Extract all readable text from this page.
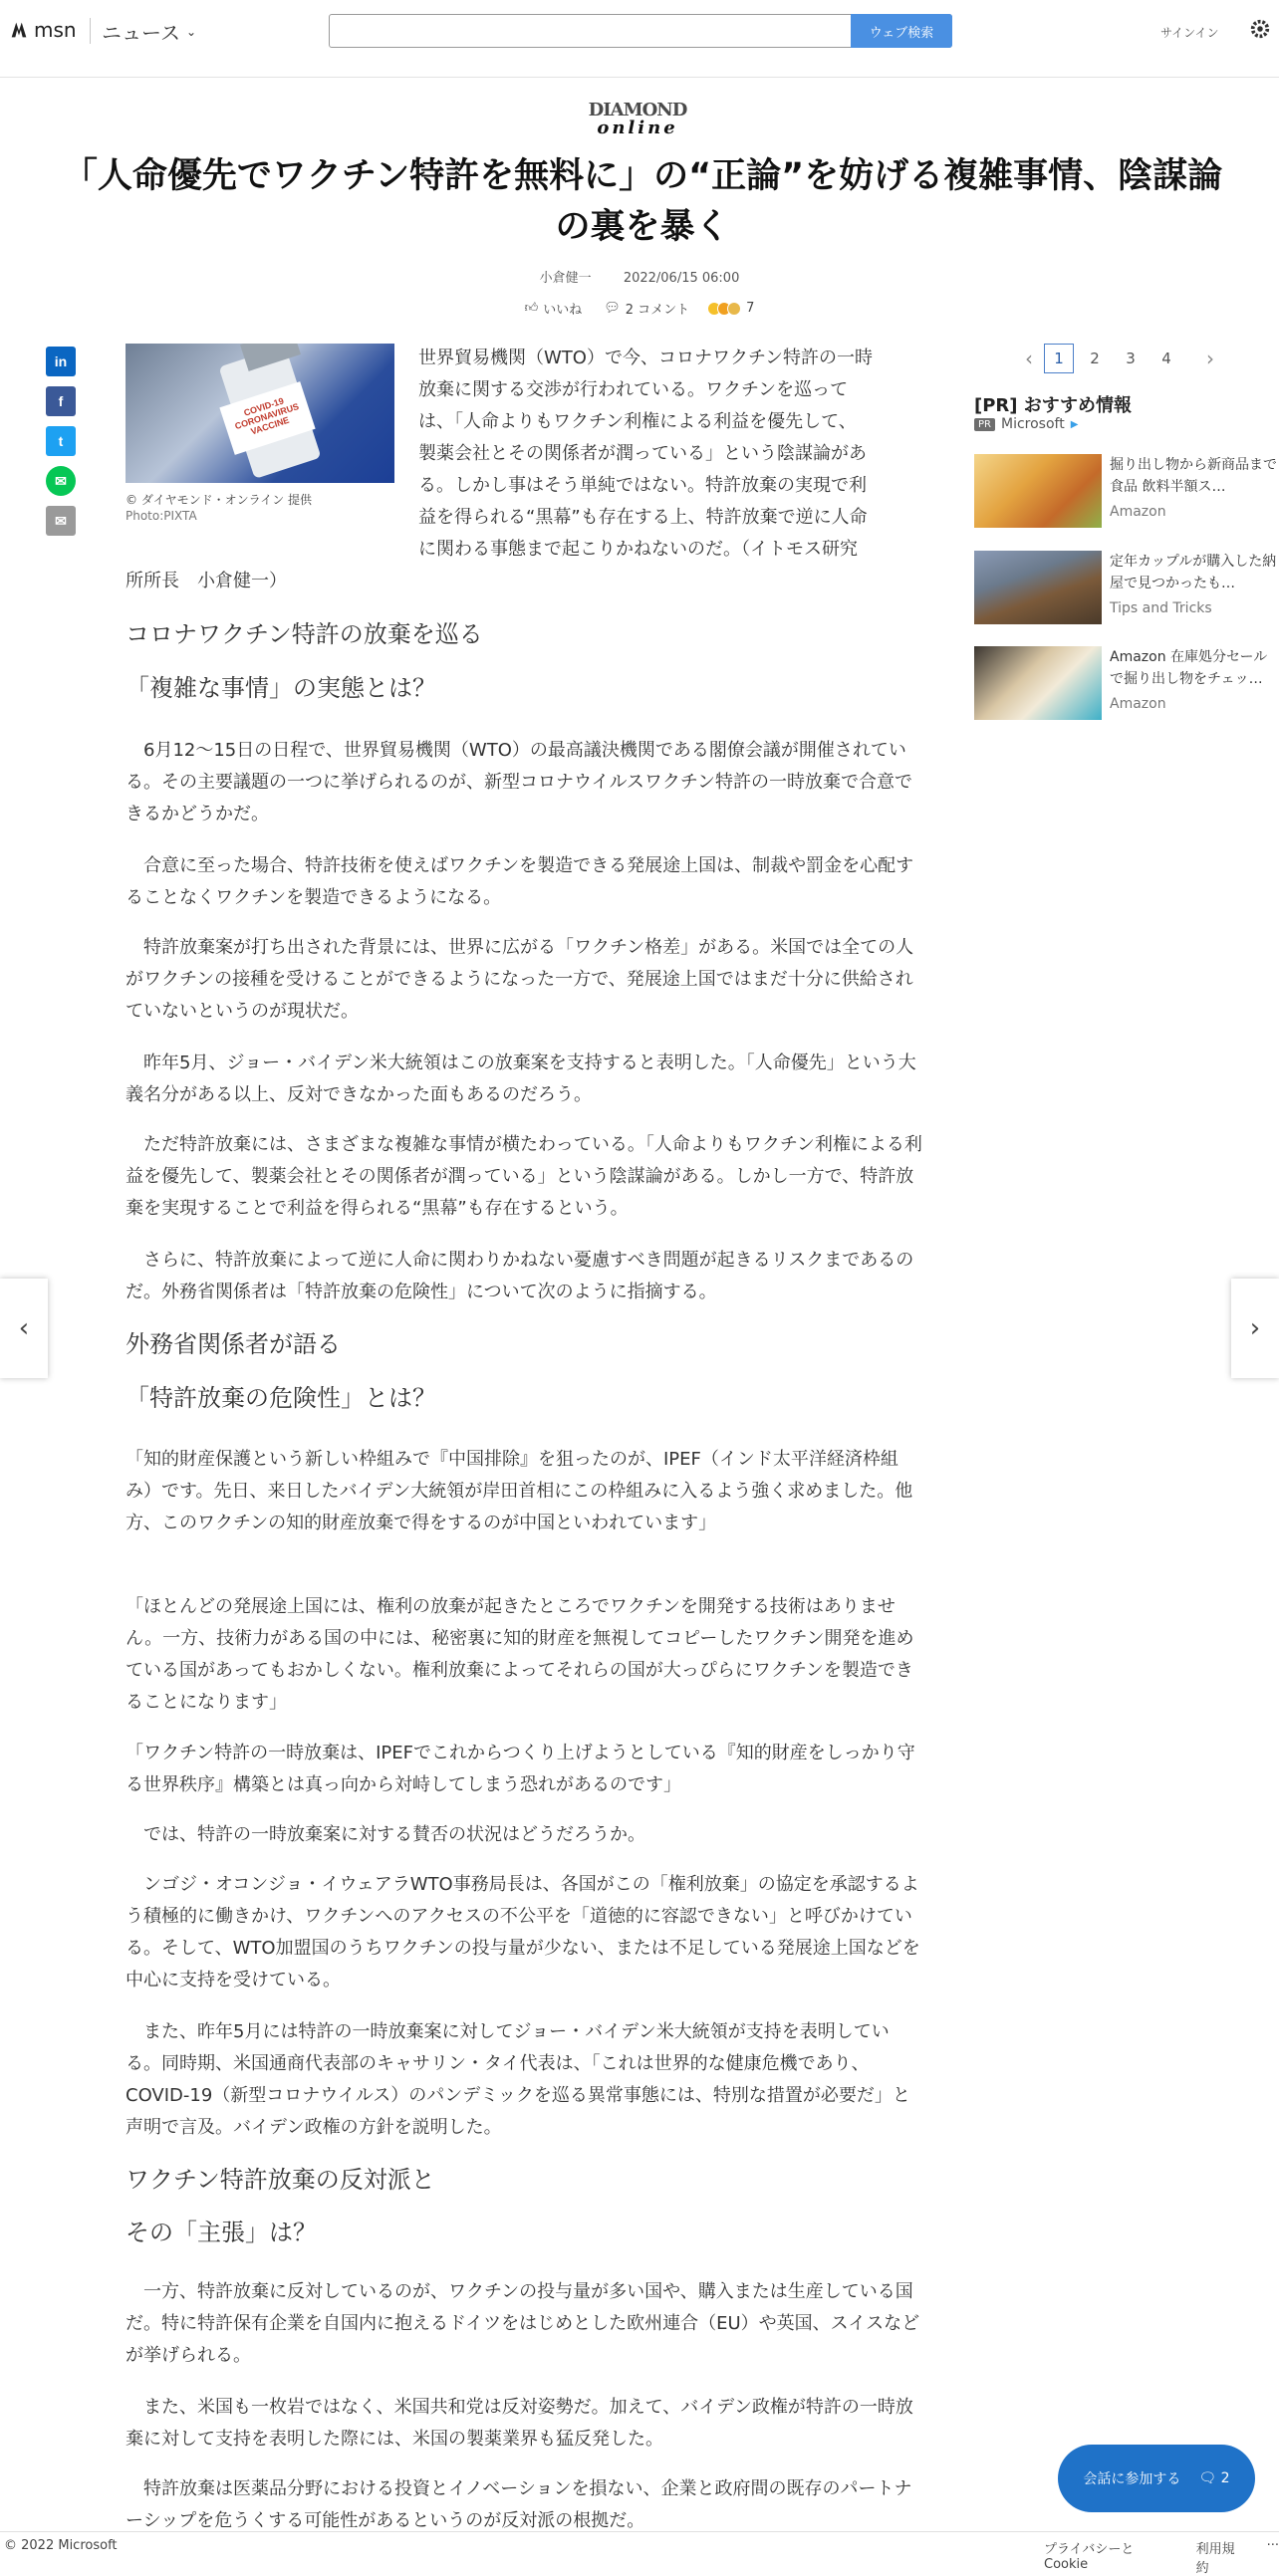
msn ニュース ⌄	ウェブ検索	サインイン
DIAMOND
online
「人命優先でワクチン特許を無料に」の“正論”を妨げる複雑事情、陰謀論の裏を暴く
小倉健一 2022/06/15 06:00
👍︎ いいね 💬︎ 2 コメント	7
in
f
t
✉
✉
COVID-19 CORONAVIRUS VACCINE
© ダイヤモンド・オンライン 提供
Photo:PIXTA
世界貿易機関（WTO）で今、コロナワクチン特許の一時
放棄に関する交渉が行われている。ワクチンを巡って
は、「人命よりもワクチン利権による利益を優先して、
製薬会社とその関係者が潤っている」という陰謀論があ
る。しかし事はそう単純ではない。特許放棄の実現で利
益を得られる“黒幕”も存在する上、特許放棄で逆に人命
に関わる事態まで起こりかねないのだ。（イトモス研究
所所長　小倉健一）
コロナワクチン特許の放棄を巡る
「複雑な事情」の実態とは？

　6月12〜15日の日程で、世界貿易機関（WTO）の最高議決機関である閣僚会議が開催されている。その主要議題の一つに挙げられるのが、新型コロナウイルスワクチン特許の一時放棄で合意できるかどうかだ。

　合意に至った場合、特許技術を使えばワクチンを製造できる発展途上国は、制裁や罰金を心配することなくワクチンを製造できるようになる。

　特許放棄案が打ち出された背景には、世界に広がる「ワクチン格差」がある。米国では全ての人がワクチンの接種を受けることができるようになった一方で、発展途上国ではまだ十分に供給されていないというのが現状だ。

　昨年5月、ジョー・バイデン米大統領はこの放棄案を支持すると表明した。「人命優先」という大義名分がある以上、反対できなかった面もあるのだろう。

　ただ特許放棄には、さまざまな複雑な事情が横たわっている。「人命よりもワクチン利権による利益を優先して、製薬会社とその関係者が潤っている」という陰謀論がある。しかし一方で、特許放棄を実現することで利益を得られる“黒幕”も存在するという。

　さらに、特許放棄によって逆に人命に関わりかねない憂慮すべき問題が起きるリスクまであるのだ。外務省関係者は「特許放棄の危険性」について次のように指摘する。

外務省関係者が語る
「特許放棄の危険性」とは？

「知的財産保護という新しい枠組みで『中国排除』を狙ったのが、IPEF（インド太平洋経済枠組み）です。先日、来日したバイデン大統領が岸田首相にこの枠組みに入るよう強く求めました。他方、このワクチンの知的財産放棄で得をするのが中国といわれています」

「ほとんどの発展途上国には、権利の放棄が起きたところでワクチンを開発する技術はありません。一方、技術力がある国の中には、秘密裏に知的財産を無視してコピーしたワクチン開発を進めている国があってもおかしくない。権利放棄によってそれらの国が大っぴらにワクチンを製造できることになります」

「ワクチン特許の一時放棄は、IPEFでこれからつくり上げようとしている『知的財産をしっかり守る世界秩序』構築とは真っ向から対峙してしまう恐れがあるのです」

　では、特許の一時放棄案に対する賛否の状況はどうだろうか。

　ンゴジ・オコンジョ・イウェアラWTO事務局長は、各国がこの「権利放棄」の協定を承認するよう積極的に働きかけ、ワクチンへのアクセスの不公平を「道徳的に容認できない」と呼びかけている。そして、WTO加盟国のうちワクチンの投与量が少ない、または不足している発展途上国などを中心に支持を受けている。

　また、昨年5月には特許の一時放棄案に対してジョー・バイデン米大統領が支持を表明している。同時期、米国通商代表部のキャサリン・タイ代表は、「これは世界的な健康危機であり、COVID-19（新型コロナウイルス）のパンデミックを巡る異常事態には、特別な措置が必要だ」と声明で言及。バイデン政権の方針を説明した。

ワクチン特許放棄の反対派と
その「主張」は？

　一方、特許放棄に反対しているのが、ワクチンの投与量が多い国や、購入または生産している国だ。特に特許保有企業を自国内に抱えるドイツをはじめとした欧州連合（EU）や英国、スイスなどが挙げられる。

　また、米国も一枚岩ではなく、米国共和党は反対姿勢だ。加えて、バイデン政権が特許の一時放棄に対して支持を表明した際には、米国の製薬業界も猛反発した。

　特許放棄は医薬品分野における投資とイノベーションを損ない、企業と政府間の既存のパートナーシップを危うくする可能性があるというのが反対派の根拠だ。

‹	1	2	3	4	›
[PR] おすすめ情報
PR Microsoft ▶
掘り出し物から新商品まで 食品 飲料半額ス…
Amazon
定年カップルが購入した納屋で見つかったも…
Tips and Tricks
Amazon 在庫処分セールで掘り出し物をチェッ…
Amazon
‹	›
会話に参加する 🗨︎ 2
© 2022 Microsoft	プライバシーと Cookie
利用規約
···
